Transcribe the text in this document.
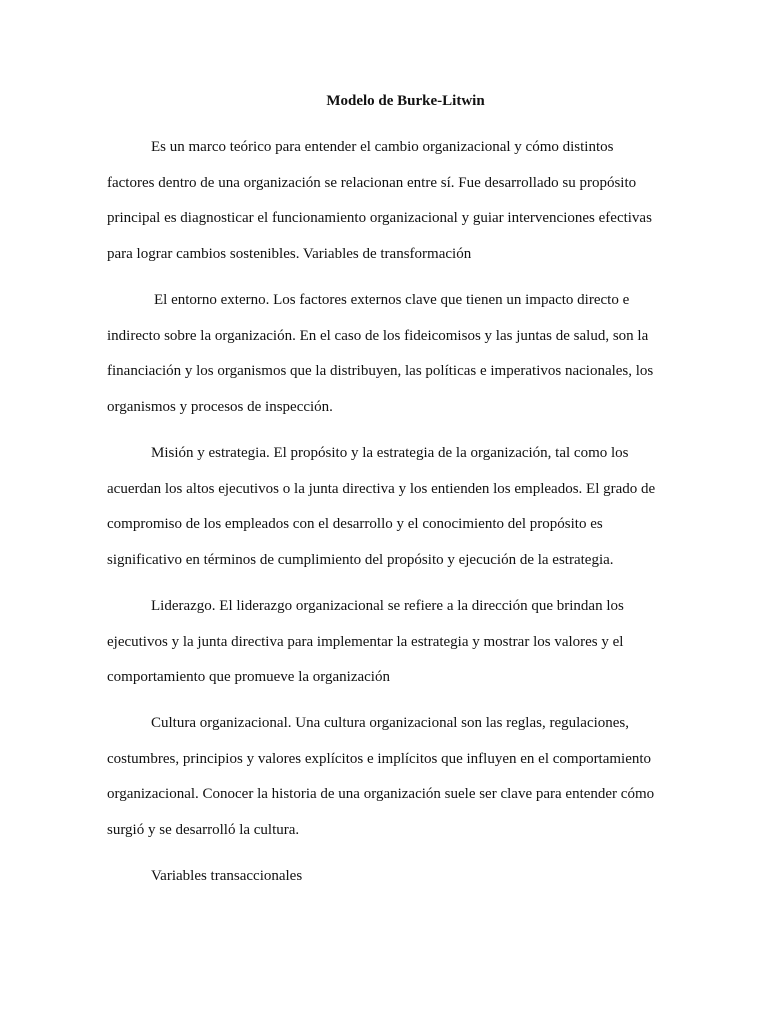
Modelo de Burke-Litwin

Es un marco teórico para entender el cambio organizacional y cómo distintos
factores dentro de una organización se relacionan entre sí. Fue desarrollado su propósito
principal es diagnosticar el funcionamiento organizacional y guiar intervenciones efectivas
para lograr cambios sostenibles. Variables de transformación

El entorno externo. Los factores externos clave que tienen un impacto directo e
indirecto sobre la organización. En el caso de los fideicomisos y las juntas de salud, son la
financiación y los organismos que la distribuyen, las políticas e imperativos nacionales, los
organismos y procesos de inspección.

Misión y estrategia. El propósito y la estrategia de la organización, tal como los
acuerdan los altos ejecutivos o la junta directiva y los entienden los empleados. El grado de
compromiso de los empleados con el desarrollo y el conocimiento del propósito es
significativo en términos de cumplimiento del propósito y ejecución de la estrategia.

Liderazgo. El liderazgo organizacional se refiere a la dirección que brindan los
ejecutivos y la junta directiva para implementar la estrategia y mostrar los valores y el
comportamiento que promueve la organización

Cultura organizacional. Una cultura organizacional son las reglas, regulaciones,
costumbres, principios y valores explícitos e implícitos que influyen en el comportamiento
organizacional. Conocer la historia de una organización suele ser clave para entender cómo
surgió y se desarrolló la cultura.

Variables transaccionales
